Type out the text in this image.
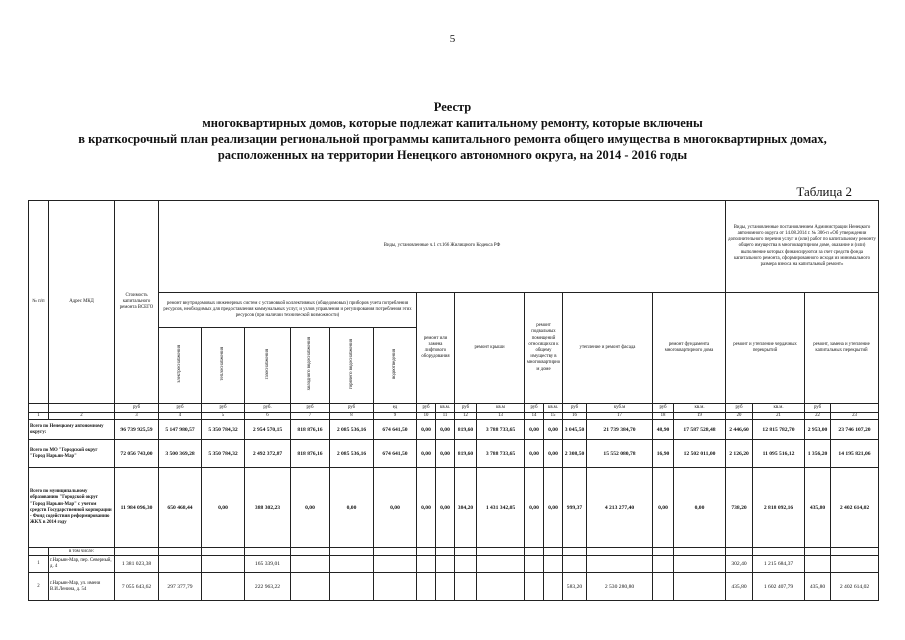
5
Реестр
многоквартирных домов, которые подлежат капитальному ремонту, которые включены
в краткосрочный план реализации региональной программы капитального ремонта общего имущества в многоквартирных домах,
расположенных на территории Ненецкого автономного округа, на 2014 - 2016 годы
Таблица 2
№ п/п	Адрес МКД	Стоимость капитального ремонта ВСЕГО	Виды, установленные ч.1 ст.166 Жилищного Кодекса РФ																Виды, установленные постановлением Администрации Ненецкого автономного округа от 14.08.2014 г. № 306-п «Об утверждении дополнительного перечня услуг и (или) работ по капитальному ремонту общего имущества в многоквартирном доме, оказание и (или) выполнение которых финансируются за счет средств фонда капитального ремонта, сформированного исходя из минимального размера взноса на капитальный ремонт»			
			ремонт внутридомовых инженерных систем с установкой коллективных (общедомовых) приборов учета потребления ресурсов, необходимых для предоставления коммунальных услуг, и узлов управления и регулирования потребления этих ресурсов (при наличии технической возможности)						ремонт или замена лифтового оборудования		ремонт крыши		ремонт подвальных помещений относящихся к общему имуществу в многоквартирном доме		утепление и ремонт фасада		ремонт фундамента многоквартирного дома		ремонт и утепление чердачных перекрытий		ремонт, замена и утепление капитальных перекрытий	
			электроснабжения	теплоснабжения	газоснабжения	холодного водоснабжения	горячего водоснабжения	водоотведения														
		руб	руб	руб	руб.	руб	руб	ед	руб	кв.м.	руб	кв.м	руб	кв.м.	руб	куб.м	руб	кв.м.	руб	кв.м.	руб	
1	2	3	4	5	6	7	8	9	10	11	12	13	14	15	16	17	18	19	20	21	22	23
Всего по Ненецкому автономному округу:		96 739 925,59	5 147 980,57	5 350 784,32	2 954 570,15	818 876,16	2 085 536,16	674 641,50	0,00	0,00	819,60	3 788 733,65	0,00	0,00	3 045,50	21 739 384,70	48,90	17 587 528,48	2 446,60	12 815 782,70	2 953,00	23 746 107,20
Всего по МО "Городской округ "Город Нарьян-Мар"		72 056 743,00	3 500 369,28	5 350 784,32	2 492 372,87	818 876,16	2 085 536,16	674 641,50	0,00	0,00	819,60	3 788 733,65	0,00	0,00	2 308,50	15 552 080,78	16,90	12 502 011,00	2 126,20	11 095 516,12	1 356,20	14 195 821,06
Всего по муниципальному образованию "Городской округ "Город Нарьян-Мар" с учетом средств Государственной корпорации - Фонд содействия реформированию ЖКХ в 2014 году		11 984 096,30	650 468,44	0,00	388 302,23	0,00	0,00	0,00	0,00	0,00	384,20	1 431 342,05	0,00	0,00	999,37	4 213 277,40	0,00	0,00	738,20	2 818 092,16	435,80	2 402 614,02
	в том числе:																					
1	г.Нарьян-Мар, пер. Северный, д. 4	1 381 023,38			165 339,01														302,40	1 215 684,37		
2	г.Нарьян-Мар, ул. имени В.И.Ленина, д. 54	7 055 643,62	297 377,79		222 963,22										583,20	2 530 280,80			435,80	1 602 407,79	435,80	2 402 614,02
